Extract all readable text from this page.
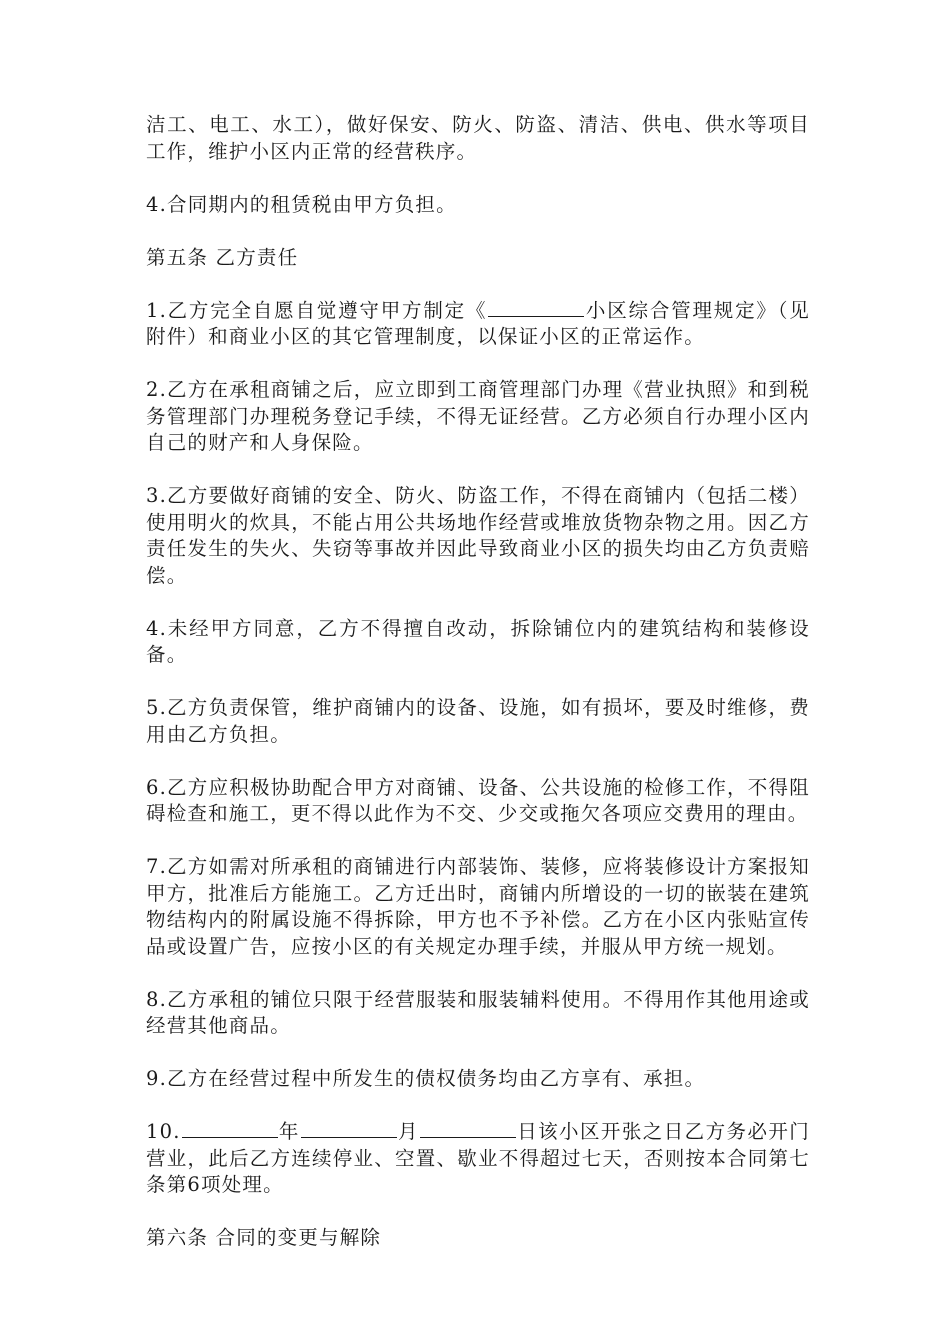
洁工、电工、水工），做好保安、防火、防盗、清洁、供电、供水等项目工作，维护小区内正常的经营秩序。

4.合同期内的租赁税由甲方负担。

第五条 乙方责任

1.乙方完全自愿自觉遵守甲方制定《	小区综合管理规定》（见附件）和商业小区的其它管理制度，以保证小区的正常运作。

2.乙方在承租商铺之后，应立即到工商管理部门办理《营业执照》和到税务管理部门办理税务登记手续，不得无证经营。乙方必须自行办理小区内自己的财产和人身保险。

3.乙方要做好商铺的安全、防火、防盗工作，不得在商铺内（包括二楼）使用明火的炊具，不能占用公共场地作经营或堆放货物杂物之用。因乙方责任发生的失火、失窃等事故并因此导致商业小区的损失均由乙方负责赔偿。

4.未经甲方同意，乙方不得擅自改动，拆除铺位内的建筑结构和装修设备。

5.乙方负责保管，维护商铺内的设备、设施，如有损坏，要及时维修，费用由乙方负担。

6.乙方应积极协助配合甲方对商铺、设备、公共设施的检修工作，不得阻碍检查和施工，更不得以此作为不交、少交或拖欠各项应交费用的理由。

7.乙方如需对所承租的商铺进行内部装饰、装修，应将装修设计方案报知甲方，批准后方能施工。乙方迁出时，商铺内所增设的一切的嵌装在建筑物结构内的附属设施不得拆除，甲方也不予补偿。乙方在小区内张贴宣传品或设置广告，应按小区的有关规定办理手续，并服从甲方统一规划。

8.乙方承租的铺位只限于经营服装和服装辅料使用。不得用作其他用途或经营其他商品。

9.乙方在经营过程中所发生的债权债务均由乙方享有、承担。

10.	年	月	日该小区开张之日乙方务必开门营业，此后乙方连续停业、空置、歇业不得超过七天，否则按本合同第七条第6项处理。

第六条 合同的变更与解除
